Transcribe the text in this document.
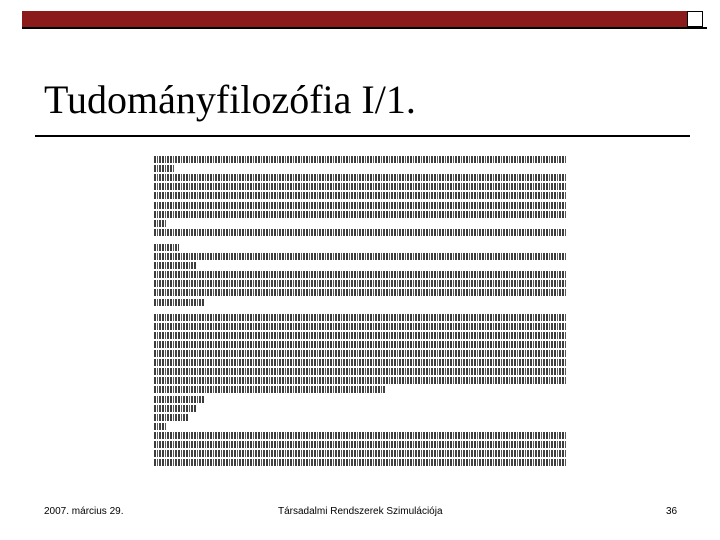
Tudományfilozófia I/1.
2007. március 29.	Társadalmi Rendszerek Szimulációja	36
